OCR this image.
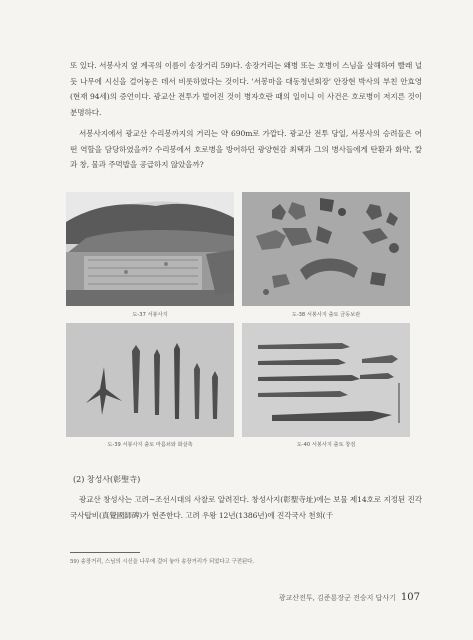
또 있다. 서봉사지 옆 계곡의 이름이 송장거리 59)다. 송장거리는 왜병 또는 호병이 스님을 살해하여 빨래 널 듯 나무에 시신을 걸어놓은 데서 비롯하였다는 것이다. '서봉마을 대동청년회장' 안장현 박사의 부친 안효영(현재 94세)의 증언이다. 광교산 전투가 벌어진 것이 병자호란 때의 일이니 이 사건은 호로병이 저지른 것이 분명하다.

서봉사지에서 광교산 수리봉까지의 거리는 약 690m로 가깝다. 광교산 전투 당일, 서봉사의 승려들은 어떤 역할을 담당하였을까? 수리봉에서 호로병을 방어하던 광양현감 최택과 그의 병사들에게 탄환과 화약, 칼과 창, 물과 주먹밥을 공급하지 않았을까?

도-37 서봉사지	도-38 서봉사지 출토 금동보관
도-39 서봉사지 출토 마름쇠와 화살촉	도-40 서봉사지 출토 창검

(2) 창성사(彰聖寺)

광교산 창성사는 고려~조선시대의 사찰로 알려진다. 창성사지(彰聖寺址)에는 보물 제14호로 지정된 진각국사탑비(真覺國師碑)가 현존한다. 고려 우왕 12년(1386년)에 진각국사 천희(千

59) 송장거리, 스님의 시신을 나무에 걸어 놓아 송장거리가 되었다고 구전된다.

광교산전투, 김준룡장군 전승지 답사기 107
